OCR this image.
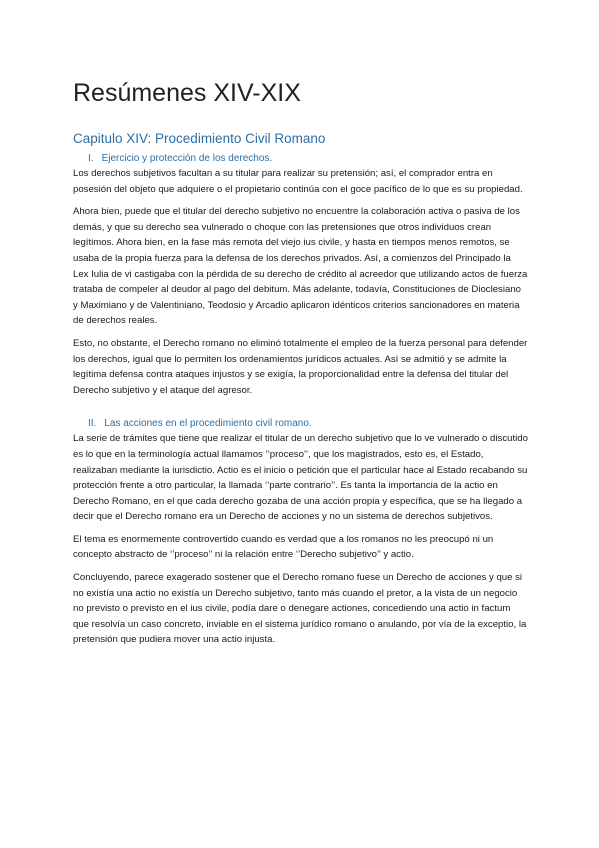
Resúmenes XIV-XIX
Capitulo XIV: Procedimiento Civil Romano
I. Ejercicio y protección de los derechos.

Los derechos subjetivos facultan a su titular para realizar su pretensión; así, el comprador entra en posesión del objeto que adquiere o el propietario continúa con el goce pacífico de lo que es su propiedad.

Ahora bien, puede que el titular del derecho subjetivo no encuentre la colaboración activa o pasiva de los demás, y que su derecho sea vulnerado o choque con las pretensiones que otros individuos crean legítimos. Ahora bien, en la fase más remota del viejo ius civile, y hasta en tiempos menos remotos, se usaba de la propia fuerza para la defensa de los derechos privados. Así, a comienzos del Principado la Lex Iulia de vi castigaba con la pérdida de su derecho de crédito al acreedor que utilizando actos de fuerza trataba de compeler al deudor al pago del debitum. Más adelante, todavía, Constituciones de Dioclesiano y Maximiano y de Valentiniano, Teodosio y Arcadio aplicaron idénticos criterios sancionadores en materia de derechos reales.

Esto, no obstante, el Derecho romano no eliminó totalmente el empleo de la fuerza personal para defender los derechos, igual que lo permiten los ordenamientos jurídicos actuales. Así se admitió y se admite la legítima defensa contra ataques injustos y se exigía, la proporcionalidad entre la defensa del titular del Derecho subjetivo y el ataque del agresor.

II. Las acciones en el procedimiento civil romano.

La serie de trámites que tiene que realizar el titular de un derecho subjetivo que lo ve vulnerado o discutido es lo que en la terminología actual llamamos ‘’proceso’’, que los magistrados, esto es, el Estado, realizaban mediante la iurisdictio. Actio es el inicio o petición que el particular hace al Estado recabando su protección frente a otro particular, la llamada ‘’parte contrario’’. Es tanta la importancia de la actio en Derecho Romano, en el que cada derecho gozaba de una acción propia y específica, que se ha llegado a decir que el Derecho romano era un Derecho de acciones y no un sistema de derechos subjetivos.

El tema es enormemente controvertido cuando es verdad que a los romanos no les preocupó ni un concepto abstracto de ‘’proceso’’ ni la relación entre ‘’Derecho subjetivo’’ y actio.

Concluyendo, parece exagerado sostener que el Derecho romano fuese un Derecho de acciones y que si no existía una actio no existía un Derecho subjetivo, tanto más cuando el pretor, a la vista de un negocio no previsto o previsto en el ius civile, podía dare o denegare actiones, concediendo una actio in factum que resolvía un caso concreto, inviable en el sistema jurídico romano o anulando, por vía de la exceptio, la pretensión que pudiera mover una actio injusta.
